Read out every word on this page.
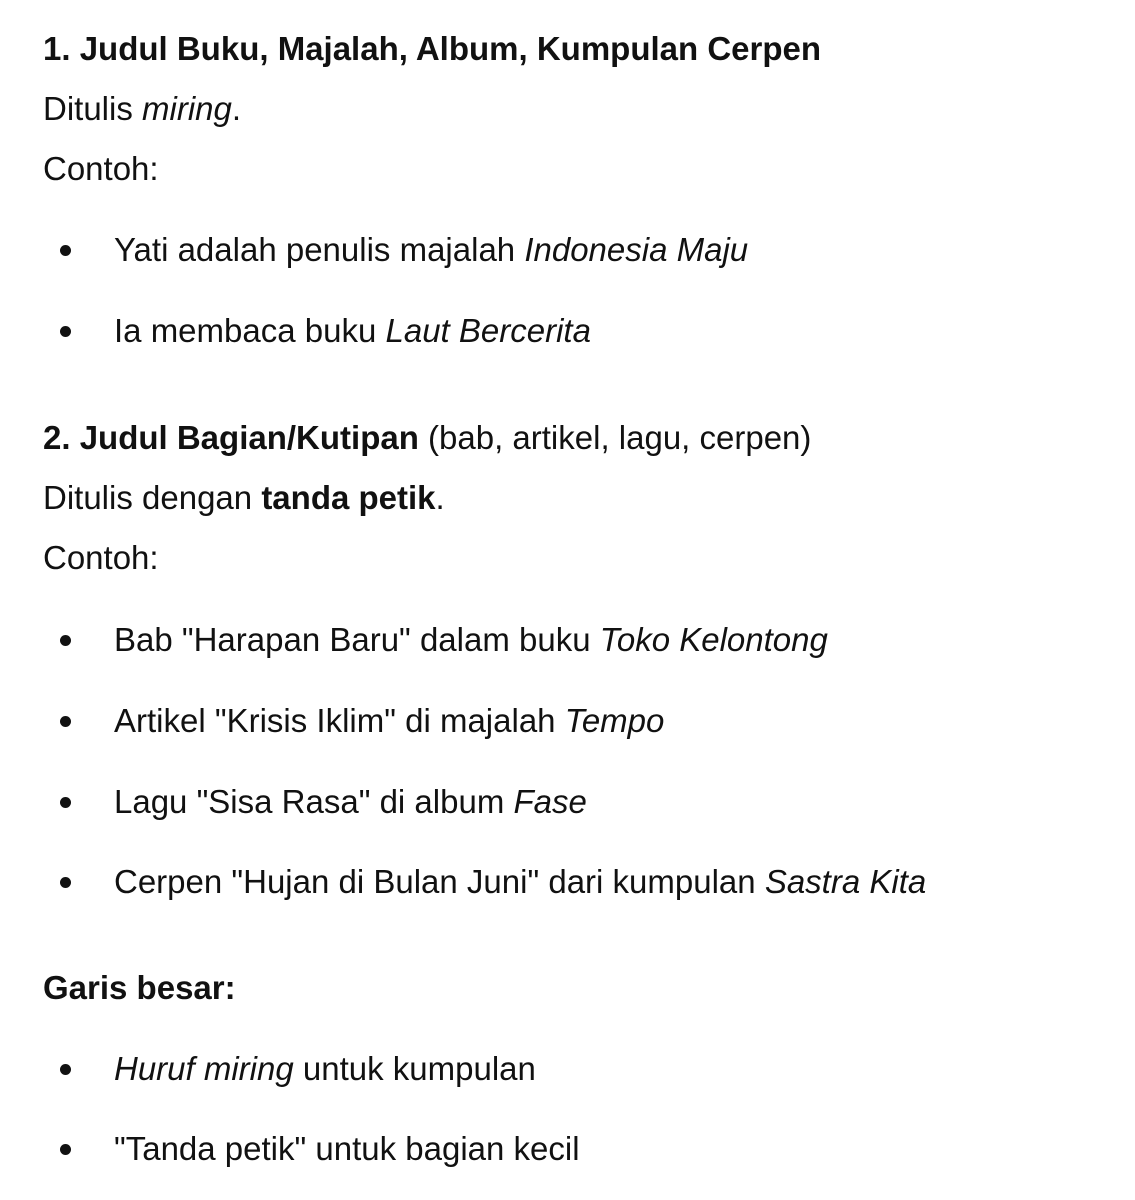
1. Judul Buku, Majalah, Album, Kumpulan Cerpen

Ditulis miring.

Contoh:

Yati adalah penulis majalah Indonesia Maju
Ia membaca buku Laut Bercerita

2. Judul Bagian/Kutipan (bab, artikel, lagu, cerpen)

Ditulis dengan tanda petik.

Contoh:

Bab "Harapan Baru" dalam buku Toko Kelontong
Artikel "Krisis Iklim" di majalah Tempo
Lagu "Sisa Rasa" di album Fase
Cerpen "Hujan di Bulan Juni" dari kumpulan Sastra Kita

Garis besar:

Huruf miring untuk kumpulan
"Tanda petik" untuk bagian kecil
